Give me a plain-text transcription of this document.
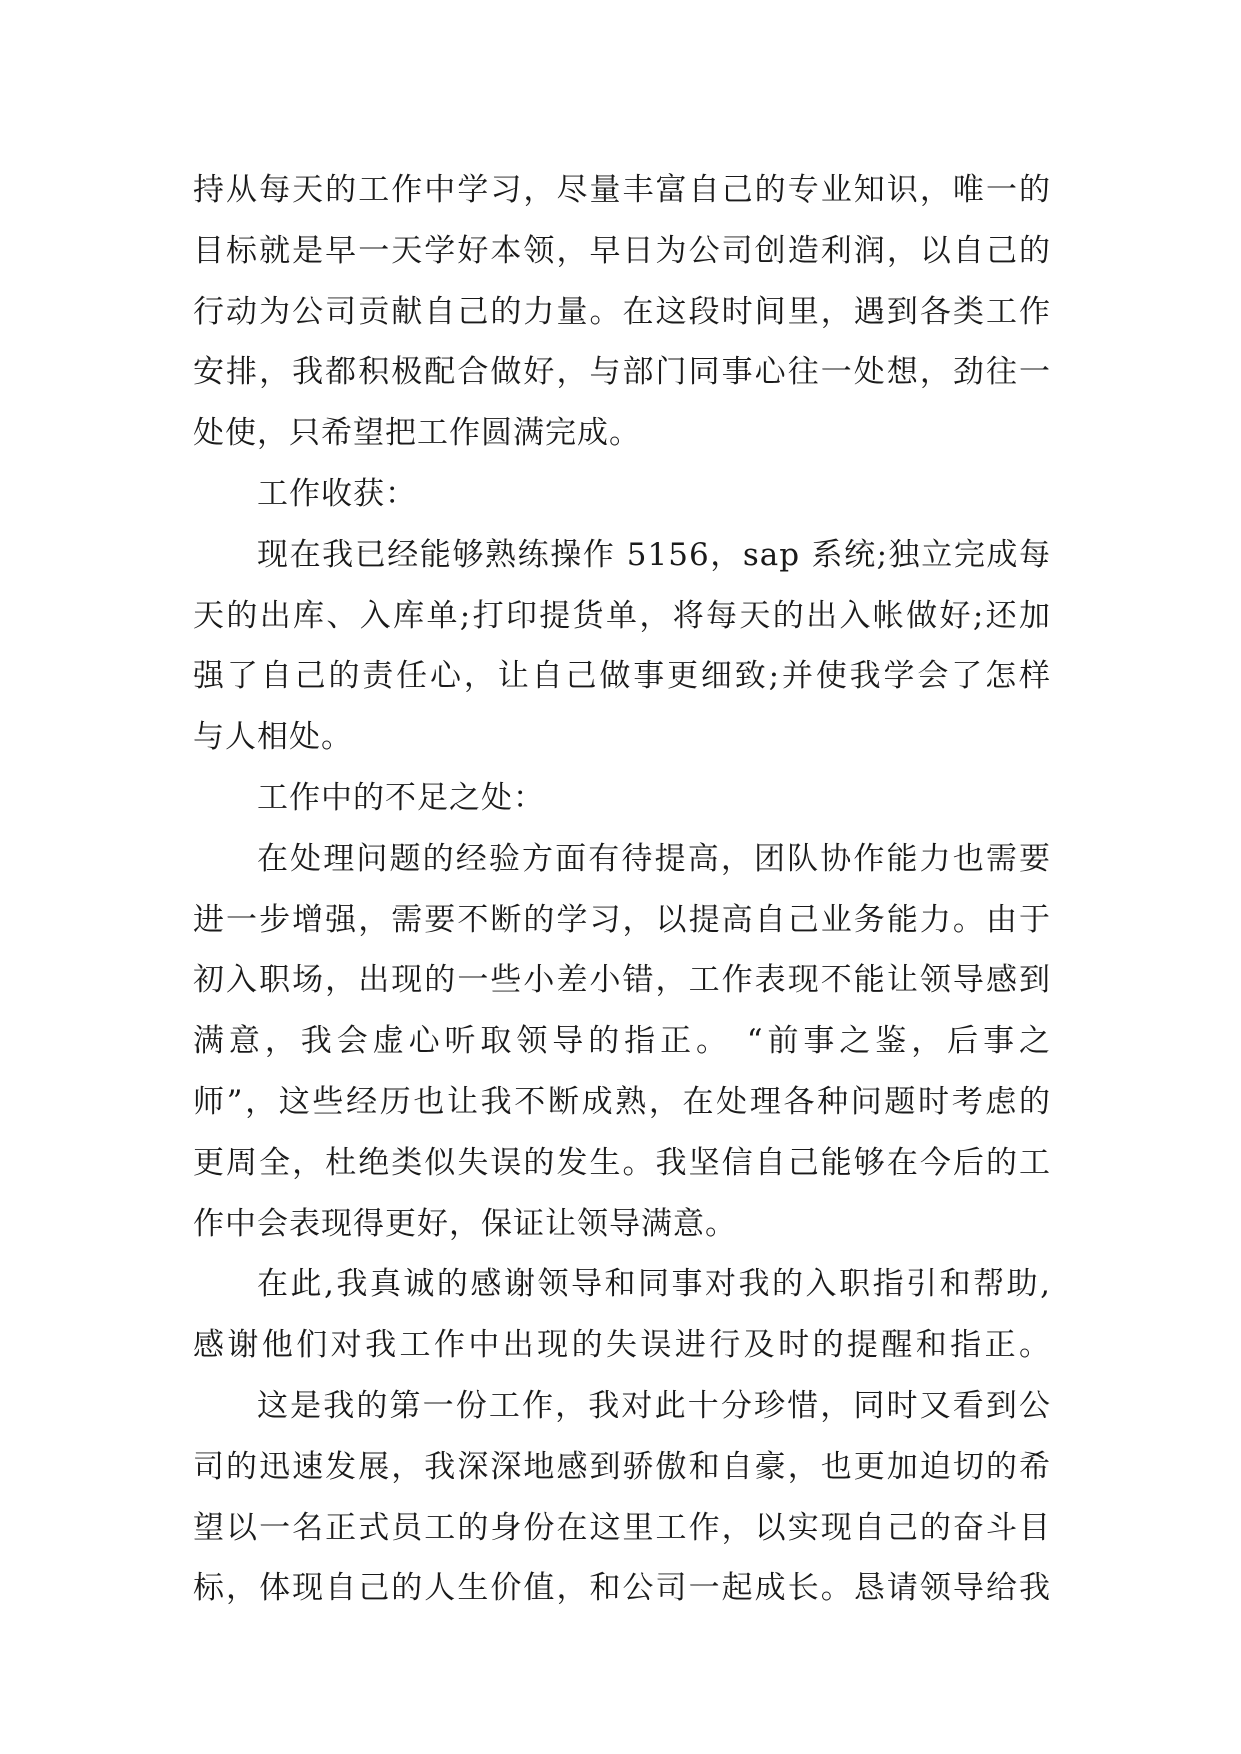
持从每天的工作中学习，尽量丰富自己的专业知识，唯一的
目标就是早一天学好本领，早日为公司创造利润，以自己的
行动为公司贡献自己的力量。在这段时间里，遇到各类工作
安排，我都积极配合做好，与部门同事心往一处想，劲往一
处使，只希望把工作圆满完成。
工作收获：
现在我已经能够熟练操作 5156，sap 系统;独立完成每
天的出库、入库单;打印提货单，将每天的出入帐做好;还加
强了自己的责任心，让自己做事更细致;并使我学会了怎样
与人相处。
工作中的不足之处：
在处理问题的经验方面有待提高，团队协作能力也需要
进一步增强，需要不断的学习，以提高自己业务能力。由于
初入职场，出现的一些小差小错，工作表现不能让领导感到
满意，我会虚心听取领导的指正。 “前事之鉴，后事之
师”，这些经历也让我不断成熟，在处理各种问题时考虑的
更周全，杜绝类似失误的发生。我坚信自己能够在今后的工
作中会表现得更好，保证让领导满意。
在此,我真诚的感谢领导和同事对我的入职指引和帮助,
感谢他们对我工作中出现的失误进行及时的提醒和指正。
这是我的第一份工作，我对此十分珍惜，同时又看到公
司的迅速发展，我深深地感到骄傲和自豪，也更加迫切的希
望以一名正式员工的身份在这里工作，以实现自己的奋斗目
标，体现自己的人生价值，和公司一起成长。恳请领导给我
